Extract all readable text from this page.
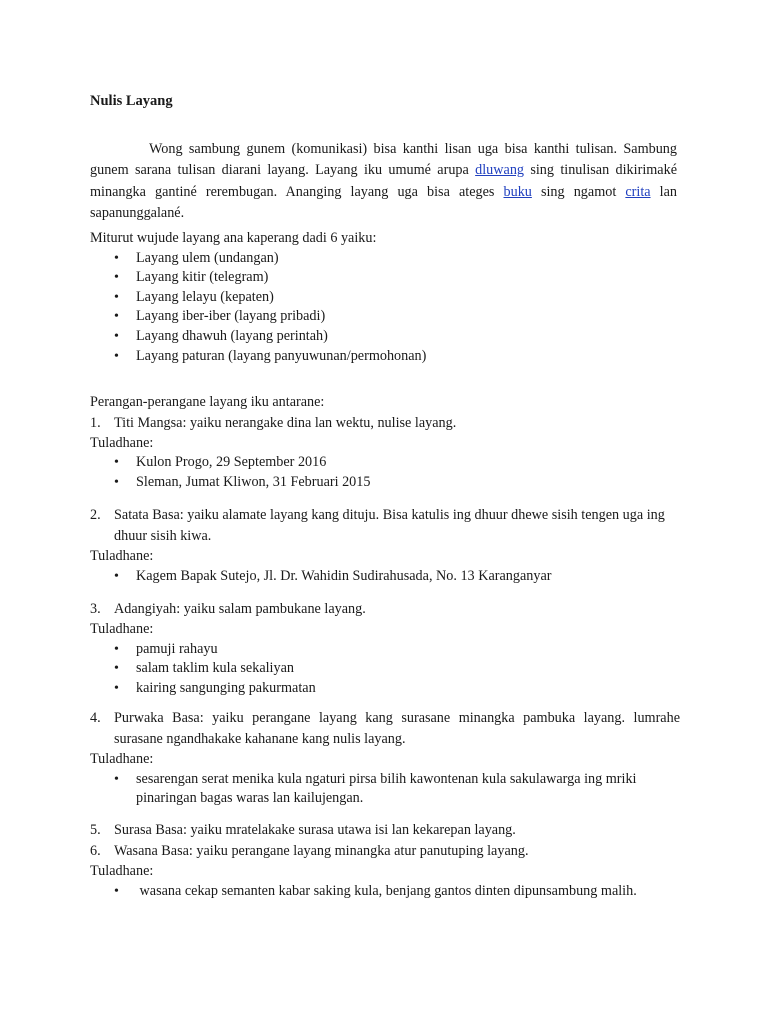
Nulis Layang

Wong sambung gunem (komunikasi) bisa kanthi lisan uga bisa kanthi tulisan. Sambung gunem sarana tulisan diarani layang. Layang iku umumé arupa dluwang sing tinulisan dikirimaké minangka gantiné rerembugan. Ananging layang uga bisa ateges buku sing ngamot crita lan sapanunggalané.

Miturut wujude layang ana kaperang dadi 6 yaiku:
• Layang ulem (undangan)
• Layang kitir (telegram)
• Layang lelayu (kepaten)
• Layang iber-iber (layang pribadi)
• Layang dhawuh (layang perintah)
• Layang paturan (layang panyuwunan/permohonan)
Perangan-perangane layang iku antarane:
1. Titi Mangsa: yaiku nerangake dina lan wektu, nulise layang.
Tuladhane:
• Kulon Progo, 29 September 2016
• Sleman, Jumat Kliwon, 31 Februari 2015
2. Satata Basa: yaiku alamate layang kang dituju. Bisa katulis ing dhuur dhewe sisih tengen uga ing dhuur sisih kiwa.
Tuladhane:
• Kagem Bapak Sutejo, Jl. Dr. Wahidin Sudirahusada, No. 13 Karanganyar
3. Adangiyah: yaiku salam pambukane layang.
Tuladhane:
• pamuji rahayu
• salam taklim kula sekaliyan
• kairing sangunging pakurmatan
4. Purwaka Basa: yaiku perangane layang kang surasane minangka pambuka layang. lumrahe surasane ngandhakake kahanane kang nulis layang.
Tuladhane:
• sesarengan serat menika kula ngaturi pirsa bilih kawontenan kula sakulawarga ing mriki pinaringan bagas waras lan kailujengan.
5. Surasa Basa: yaiku mratelakake surasa utawa isi lan kekarepan layang.
6. Wasana Basa: yaiku perangane layang minangka atur panutuping layang.
Tuladhane:
•  wasana cekap semanten kabar saking kula, benjang gantos dinten dipunsambung malih.
